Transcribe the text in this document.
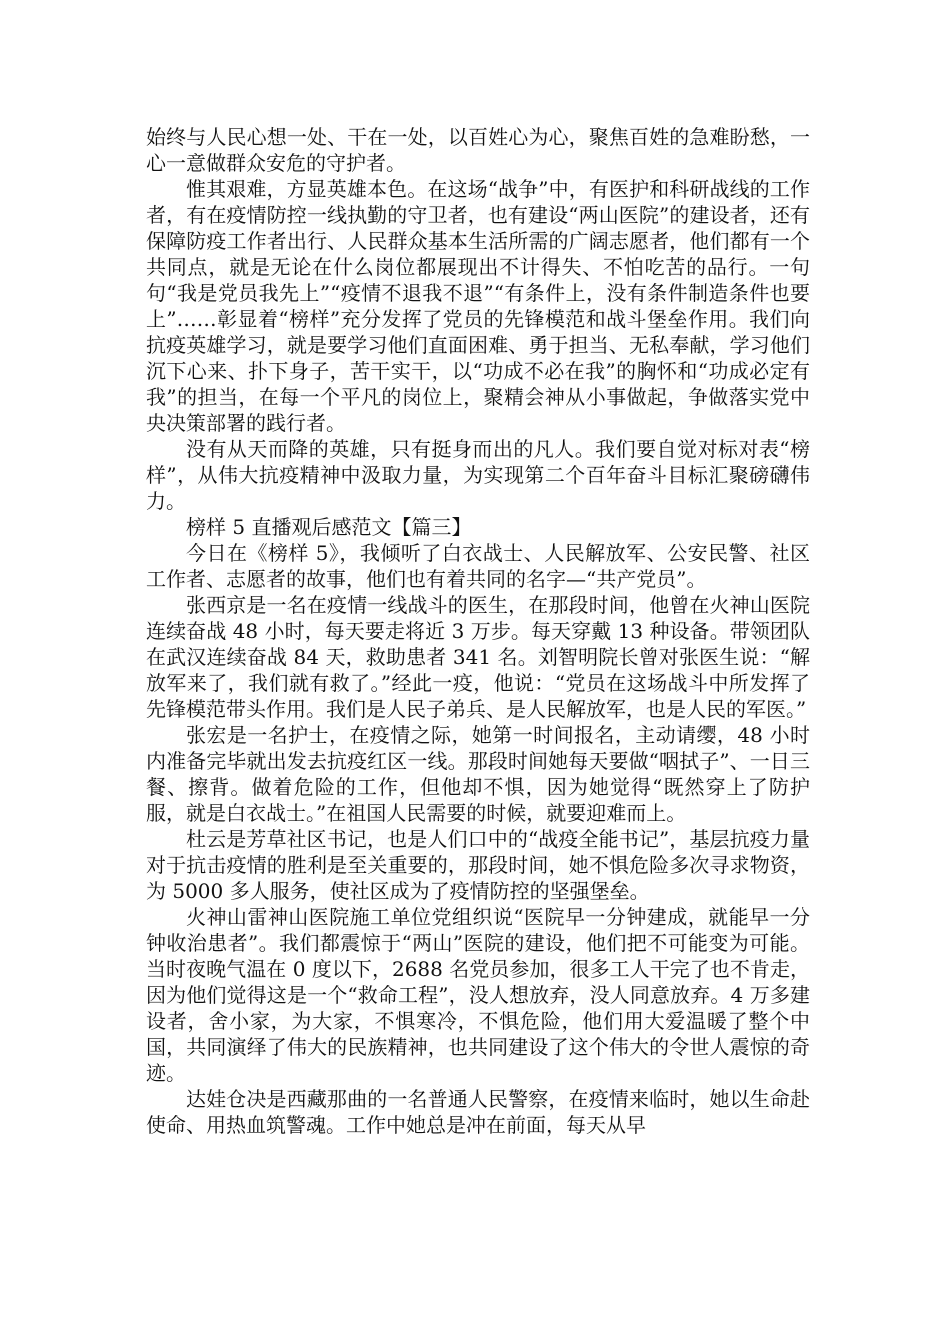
始终与人民心想一处、干在一处，以百姓心为心，聚焦百姓的急难盼愁，一心一意做群众安危的守护者。

惟其艰难，方显英雄本色。在这场“战争”中，有医护和科研战线的工作者，有在疫情防控一线执勤的守卫者，也有建设“两山医院”的建设者，还有保障防疫工作者出行、人民群众基本生活所需的广阔志愿者，他们都有一个共同点，就是无论在什么岗位都展现出不计得失、不怕吃苦的品行。一句句“我是党员我先上”“疫情不退我不退”“有条件上，没有条件制造条件也要上”……彰显着“榜样”充分发挥了党员的先锋模范和战斗堡垒作用。我们向抗疫英雄学习，就是要学习他们直面困难、勇于担当、无私奉献，学习他们沉下心来、扑下身子，苦干实干，以“功成不必在我”的胸怀和“功成必定有我”的担当，在每一个平凡的岗位上，聚精会神从小事做起，争做落实党中央决策部署的践行者。

没有从天而降的英雄，只有挺身而出的凡人。我们要自觉对标对表“榜样”，从伟大抗疫精神中汲取力量，为实现第二个百年奋斗目标汇聚磅礴伟力。

榜样 5 直播观后感范文【篇三】

今日在《榜样 5》，我倾听了白衣战士、人民解放军、公安民警、社区工作者、志愿者的故事，他们也有着共同的名字—“共产党员”。

张西京是一名在疫情一线战斗的医生，在那段时间，他曾在火神山医院连续奋战 48 小时，每天要走将近 3 万步。每天穿戴 13 种设备。带领团队在武汉连续奋战 84 天，救助患者 341 名。刘智明院长曾对张医生说：“解放军来了，我们就有救了。”经此一疫，他说：“党员在这场战斗中所发挥了先锋模范带头作用。我们是人民子弟兵、是人民解放军，也是人民的军医。”

张宏是一名护士，在疫情之际，她第一时间报名，主动请缨，48 小时内准备完毕就出发去抗疫红区一线。那段时间她每天要做“咽拭子”、一日三餐、擦背。做着危险的工作，但他却不惧，因为她觉得“既然穿上了防护服，就是白衣战士。”在祖国人民需要的时候，就要迎难而上。

杜云是芳草社区书记，也是人们口中的“战疫全能书记”，基层抗疫力量对于抗击疫情的胜利是至关重要的，那段时间，她不惧危险多次寻求物资，为 5000 多人服务，使社区成为了疫情防控的坚强堡垒。

火神山雷神山医院施工单位党组织说“医院早一分钟建成，就能早一分钟收治患者”。我们都震惊于“两山”医院的建设，他们把不可能变为可能。当时夜晚气温在 0 度以下，2688 名党员参加，很多工人干完了也不肯走，因为他们觉得这是一个“救命工程”，没人想放弃，没人同意放弃。4 万多建设者，舍小家，为大家，不惧寒冷，不惧危险，他们用大爱温暖了整个中国，共同演绎了伟大的民族精神，也共同建设了这个伟大的令世人震惊的奇迹。

达娃仓决是西藏那曲的一名普通人民警察，在疫情来临时，她以生命赴使命、用热血筑警魂。工作中她总是冲在前面，每天从早
